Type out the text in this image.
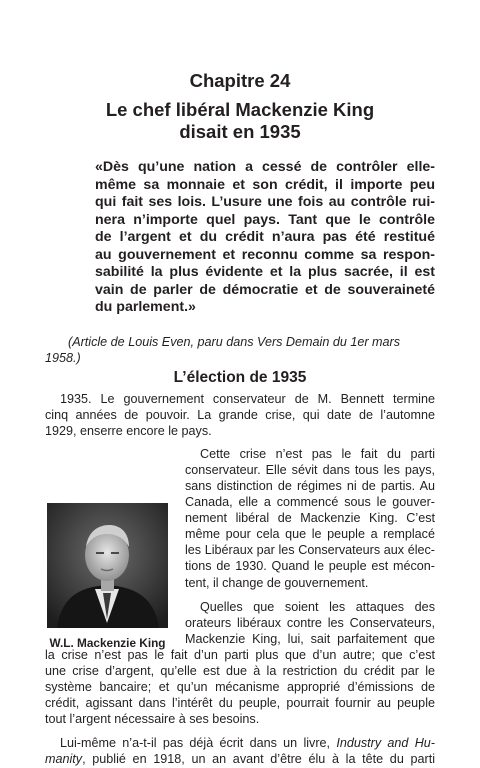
Chapitre 24
Le chef libéral Mackenzie King
disait en 1935
«Dès qu’une nation a cessé de contrôler elle-
même sa monnaie et son crédit, il importe peu
qui fait ses lois. L’usure une fois au contrôle rui-
nera n’importe quel pays. Tant que le contrôle
de l’argent et du crédit n’aura pas été restitué
au gouvernement et reconnu comme sa respon-
sabilité la plus évidente et la plus sacrée, il est
vain de parler de démocratie et de souveraineté
du parlement.»
(Article de Louis Even, paru dans Vers Demain du 1er mars
1958.)
L’élection de 1935
1935. Le gouvernement conservateur de M. Bennett termine
cinq années de pouvoir. La grande crise, qui date de l’automne
1929, enserre encore le pays.
Cette crise n’est pas le fait du parti
conservateur. Elle sévit dans tous les pays,
sans distinction de régimes ni de partis. Au
Canada, elle a commencé sous le gouver-
nement libéral de Mackenzie King. C’est
même pour cela que le peuple a remplacé
les Libéraux par les Conservateurs aux élec-
tions de 1930. Quand le peuple est mécon-
tent, il change de gouvernement.
Quelles que soient les attaques des
orateurs libéraux contre les Conservateurs,
Mackenzie King, lui, sait parfaitement que
la crise n’est pas le fait d’un parti plus que d’un autre; que c’est
une crise d’argent, qu’elle est due à la restriction du crédit par le
système bancaire; et qu’un mécanisme approprié d’émissions de
crédit, agissant dans l’intérêt du peuple, pourrait fournir au peuple
tout l’argent nécessaire à ses besoins.
Lui-même n’a-t-il pas déjà écrit dans un livre, Industry and Hu-
manity, publié en 1918, un an avant d’être élu à la tête du parti
W.L. Mackenzie King
